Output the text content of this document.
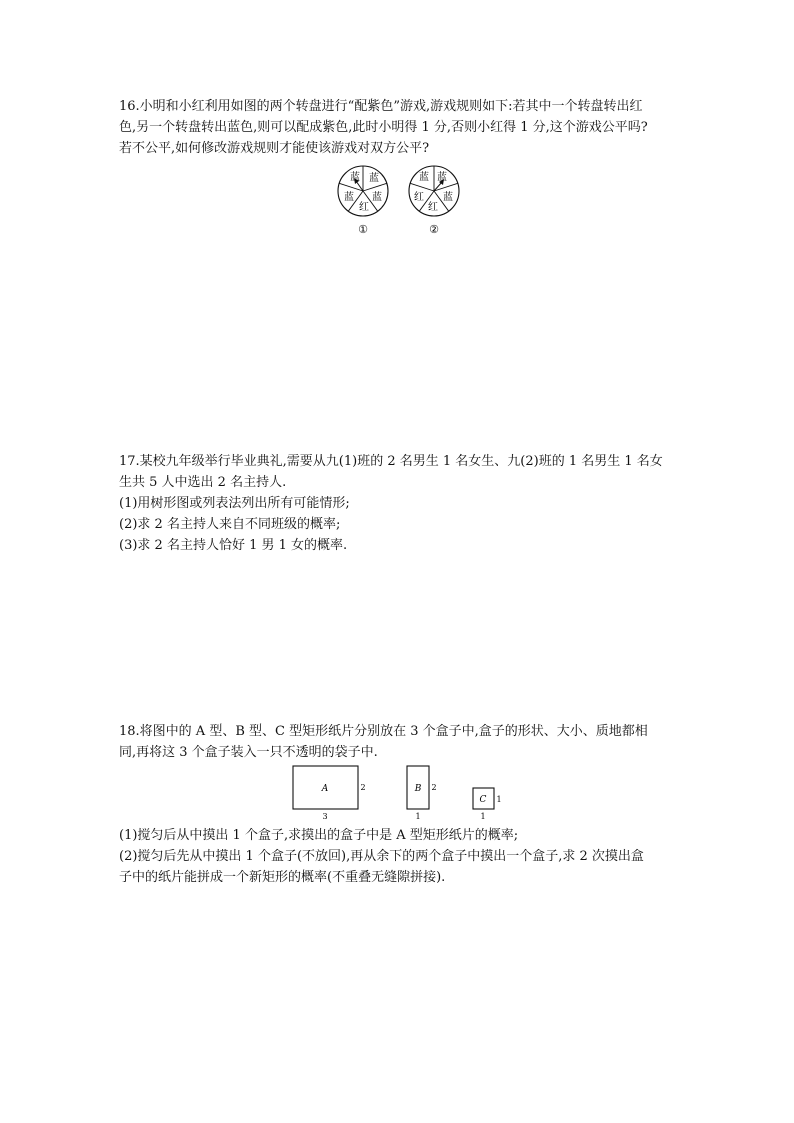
16.小明和小红利用如图的两个转盘进行“配紫色”游戏,游戏规则如下:若其中一个转盘转出红
色,另一个转盘转出蓝色,则可以配成紫色,此时小明得 1 分,否则小红得 1 分,这个游戏公平吗?
若不公平,如何修改游戏规则才能使该游戏对双方公平?
蓝 蓝
蓝
红
蓝
①
蓝
蓝
蓝
红
红
②
17.某校九年级举行毕业典礼,需要从九(1)班的 2 名男生 1 名女生、九(2)班的 1 名男生 1 名女
生共 5 人中选出 2 名主持人.
(1)用树形图或列表法列出所有可能情形;
(2)求 2 名主持人来自不同班级的概率;
(3)求 2 名主持人恰好 1 男 1 女的概率.
18.将图中的 A 型、B 型、C 型矩形纸片分别放在 3 个盒子中,盒子的形状、大小、质地都相
同,再将这 3 个盒子装入一只不透明的袋子中.
A
3
2	B
1
2
C
1
1
(1)搅匀后从中摸出 1 个盒子,求摸出的盒子中是 A 型矩形纸片的概率;
(2)搅匀后先从中摸出 1 个盒子(不放回),再从余下的两个盒子中摸出一个盒子,求 2 次摸出盒
子中的纸片能拼成一个新矩形的概率(不重叠无缝隙拼接).
